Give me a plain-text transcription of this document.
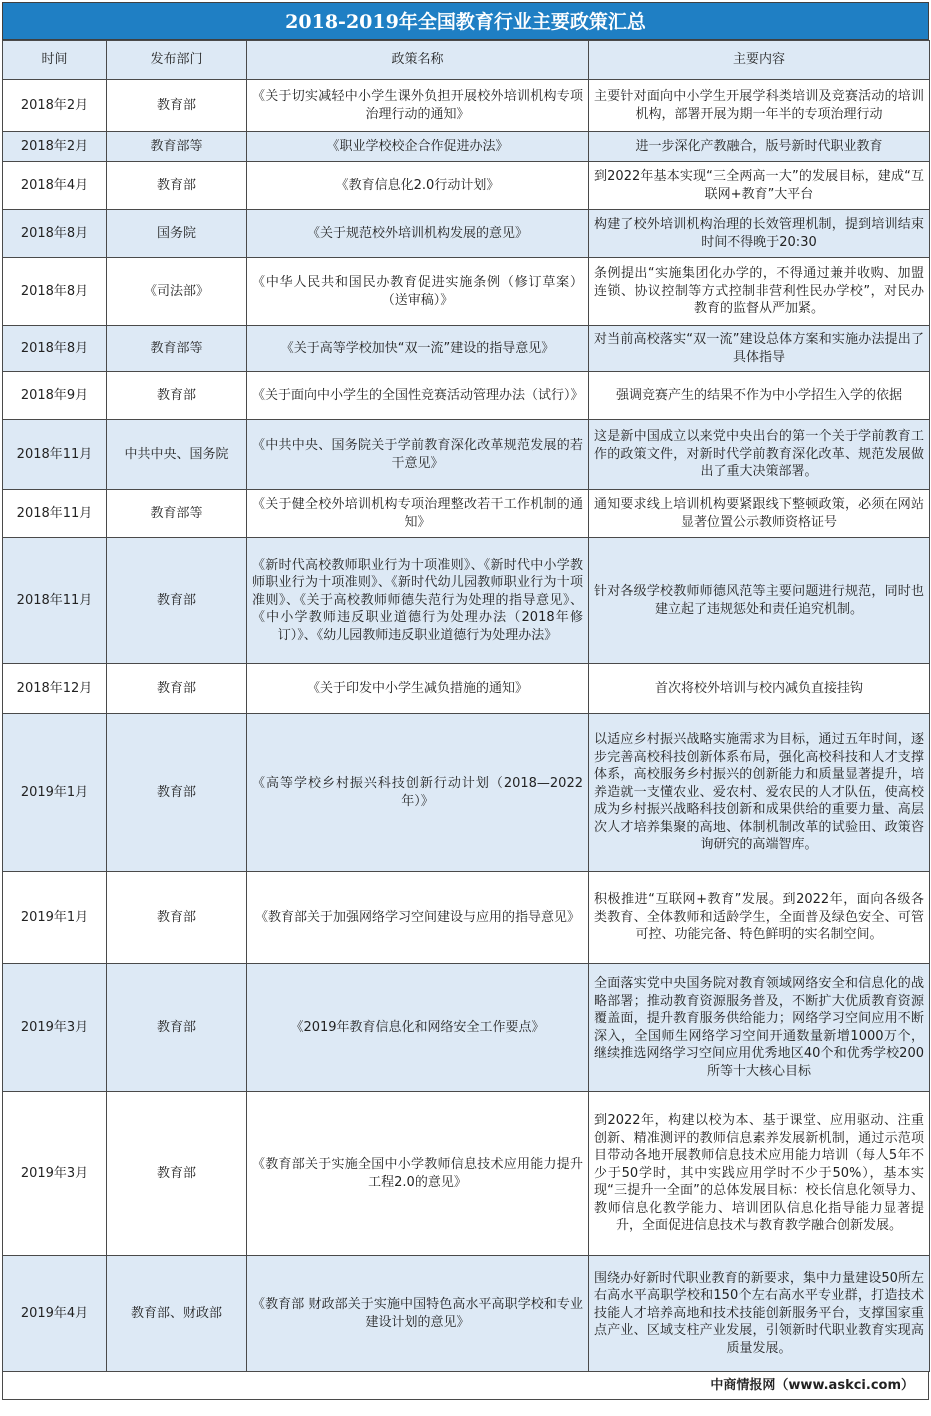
2018-2019年全国教育行业主要政策汇总
时间	发布部门	政策名称	主要内容
2018年2月	教育部	《关于切实减轻中小学生课外负担开展校外培训机构专项治理行动的通知》	主要针对面向中小学生开展学科类培训及竞赛活动的培训机构，部署开展为期一年半的专项治理行动
2018年2月	教育部等	《职业学校校企合作促进办法》	进一步深化产教融合，版号新时代职业教育
2018年4月	教育部	《教育信息化2.0行动计划》	到2022年基本实现“三全两高一大”的发展目标，建成“互联网+教育”大平台
2018年8月	国务院	《关于规范校外培训机构发展的意见》	构建了校外培训机构治理的长效管理机制，提到培训结束时间不得晚于20:30
2018年8月	《司法部》	《中华人民共和国民办教育促进实施条例（修订草案）（送审稿）》	条例提出“实施集团化办学的，不得通过兼并收购、加盟连锁、协议控制等方式控制非营利性民办学校”，对民办教育的监督从严加紧。
2018年8月	教育部等	《关于高等学校加快“双一流”建设的指导意见》	对当前高校落实“双一流”建设总体方案和实施办法提出了具体指导
2018年9月	教育部	《关于面向中小学生的全国性竞赛活动管理办法（试行）》	强调竞赛产生的结果不作为中小学招生入学的依据
2018年11月	中共中央、国务院	《中共中央、国务院关于学前教育深化改革规范发展的若干意见》	这是新中国成立以来党中央出台的第一个关于学前教育工作的政策文件，对新时代学前教育深化改革、规范发展做出了重大决策部署。
2018年11月	教育部等	《关于健全校外培训机构专项治理整改若干工作机制的通知》	通知要求线上培训机构要紧跟线下整顿政策，必须在网站显著位置公示教师资格证号
2018年11月	教育部	《新时代高校教师职业行为十项准则》、《新时代中小学教师职业行为十项准则》、《新时代幼儿园教师职业行为十项准则》、《关于高校教师师德失范行为处理的指导意见》、《中小学教师违反职业道德行为处理办法（2018年修订）》、《幼儿园教师违反职业道德行为处理办法》	针对各级学校教师师德风范等主要问题进行规范，同时也建立起了违规惩处和责任追究机制。
2018年12月	教育部	《关于印发中小学生减负措施的通知》	首次将校外培训与校内减负直接挂钩
2019年1月	教育部	《高等学校乡村振兴科技创新行动计划（2018—2022年）》	以适应乡村振兴战略实施需求为目标，通过五年时间，逐步完善高校科技创新体系布局，强化高校科技和人才支撑体系，高校服务乡村振兴的创新能力和质量显著提升，培养造就一支懂农业、爱农村、爱农民的人才队伍，使高校成为乡村振兴战略科技创新和成果供给的重要力量、高层次人才培养集聚的高地、体制机制改革的试验田、政策咨询研究的高端智库。
2019年1月	教育部	《教育部关于加强网络学习空间建设与应用的指导意见》	积极推进“互联网+教育”发展。到2022年，面向各级各类教育、全体教师和适龄学生，全面普及绿色安全、可管可控、功能完备、特色鲜明的实名制空间。
2019年3月	教育部	《2019年教育信息化和网络安全工作要点》	全面落实党中央国务院对教育领域网络安全和信息化的战略部署；推动教育资源服务普及，不断扩大优质教育资源覆盖面，提升教育服务供给能力；网络学习空间应用不断深入，全国师生网络学习空间开通数量新增1000万个，继续推选网络学习空间应用优秀地区40个和优秀学校200所等十大核心目标
2019年3月	教育部	《教育部关于实施全国中小学教师信息技术应用能力提升工程2.0的意见》	到2022年，构建以校为本、基于课堂、应用驱动、注重创新、精准测评的教师信息素养发展新机制，通过示范项目带动各地开展教师信息技术应用能力培训（每人5年不少于50学时，其中实践应用学时不少于50%），基本实现“三提升一全面”的总体发展目标：校长信息化领导力、教师信息化教学能力、培训团队信息化指导能力显著提升，全面促进信息技术与教育教学融合创新发展。
2019年4月	教育部、财政部	《教育部 财政部关于实施中国特色高水平高职学校和专业建设计划的意见》	围绕办好新时代职业教育的新要求，集中力量建设50所左右高水平高职学校和150个左右高水平专业群，打造技术技能人才培养高地和技术技能创新服务平台，支撑国家重点产业、区域支柱产业发展，引领新时代职业教育实现高质量发展。
中商情报网（www.askci.com）
